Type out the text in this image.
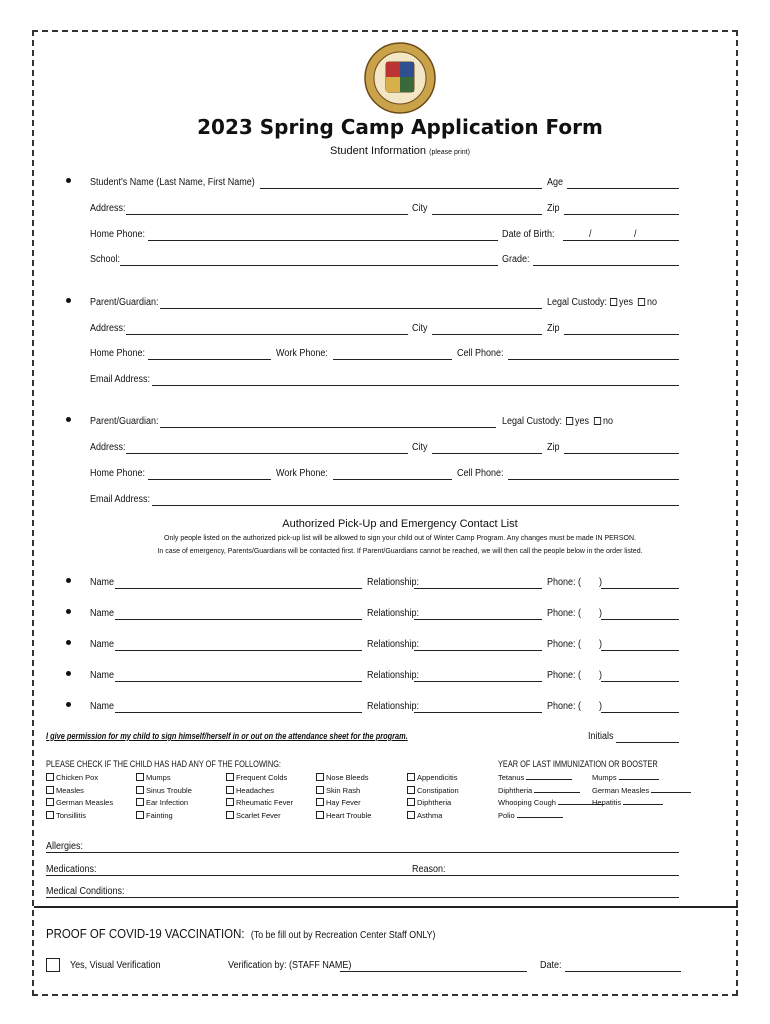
2023 Spring Camp Application Form
Student Information (please print)
Student's Name (Last Name, First Name)	Age
Address:	City	Zip
Home Phone:	Date of Birth:	/	/
School:	Grade:
Parent/Guardian:	Legal Custody:	yes no
Address:	City	Zip
Home Phone:	Work Phone:	Cell Phone:
Email Address:
Parent/Guardian:	Legal Custody:	yes no
Address:	City	Zip
Home Phone:	Work Phone:	Cell Phone:
Email Address:
Authorized Pick-Up and Emergency Contact List
Only people listed on the authorized pick-up list will be allowed to sign your child out of Winter Camp Program. Any changes must be made IN PERSON.
In case of emergency, Parents/Guardians will be contacted first. If Parent/Guardians cannot be reached, we will then call the people below in the order listed.
Name	Relationship:	Phone: ( )
Name	Relationship:	Phone: ( )
Name	Relationship:	Phone: ( )
Name	Relationship:	Phone: ( )
Name	Relationship:	Phone: ( )
I give permission for my child to sign himself/herself in or out on the attendance sheet for the program.	Initials
PLEASE CHECK IF THE CHILD HAS HAD ANY OF THE FOLLOWING:	YEAR OF LAST IMMUNIZATION OR BOOSTER
Chicken Pox
Measles
German Measles
Tonsillitis
Mumps
Sinus Trouble
Ear Infection
Fainting
Frequent Colds
Headaches
Rheumatic Fever
Scarlet Fever
Nose Bleeds
Skin Rash
Hay Fever
Heart Trouble
Appendicitis
Constipation
Diphtheria
Asthma
Tetanus
Diphtheria
Whooping Cough
Polio
Mumps
German Measles
Hepatitis
Allergies:
Medications:	Reason:
Medical Conditions:
PROOF OF COVID-19 VACCINATION: (To be fill out by Recreation Center Staff ONLY)
Yes, Visual Verification	Verification by: (STAFF NAME)	Date:
